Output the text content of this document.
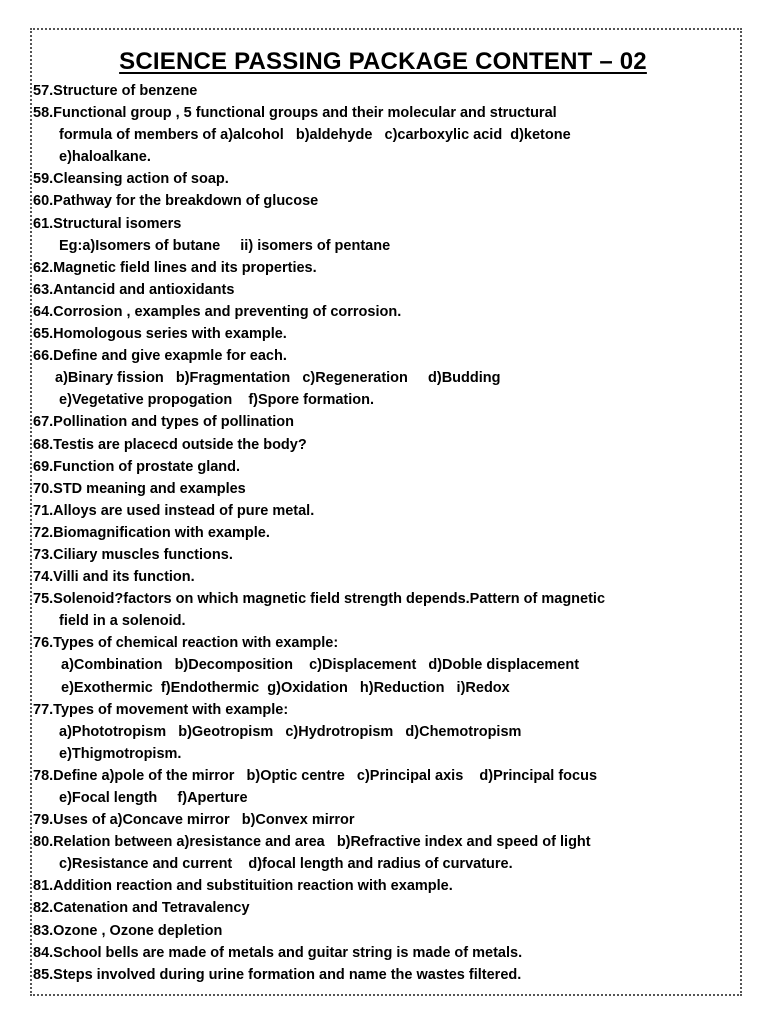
SCIENCE PASSING PACKAGE CONTENT – 02
57.Structure of benzene
58.Functional group , 5 functional groups and their molecular and structural
formula of members of a)alcohol   b)aldehyde   c)carboxylic acid  d)ketone
e)haloalkane.
59.Cleansing action of soap.
60.Pathway for the breakdown of glucose
61.Structural isomers
Eg:a)Isomers of butane     ii) isomers of pentane
62.Magnetic field lines and its properties.
63.Antancid and antioxidants
64.Corrosion , examples and preventing of corrosion.
65.Homologous series with example.
66.Define and give exapmle for each.
a)Binary fission   b)Fragmentation   c)Regeneration     d)Budding
e)Vegetative propogation    f)Spore formation.
67.Pollination and types of pollination
68.Testis are placecd outside the body?
69.Function of prostate gland.
70.STD meaning and examples
71.Alloys are used instead of pure metal.
72.Biomagnification with example.
73.Ciliary muscles functions.
74.Villi and its function.
75.Solenoid?factors on which magnetic field strength depends.Pattern of magnetic
field in a solenoid.
76.Types of chemical reaction with example:
a)Combination   b)Decomposition    c)Displacement   d)Doble displacement
e)Exothermic  f)Endothermic  g)Oxidation   h)Reduction   i)Redox
77.Types of movement with example:
a)Phototropism   b)Geotropism   c)Hydrotropism   d)Chemotropism
e)Thigmotropism.
78.Define a)pole of the mirror   b)Optic centre   c)Principal axis    d)Principal focus
e)Focal length     f)Aperture
79.Uses of a)Concave mirror   b)Convex mirror
80.Relation between a)resistance and area   b)Refractive index and speed of light
c)Resistance and current    d)focal length and radius of curvature.
81.Addition reaction and substituition reaction with example.
82.Catenation and Tetravalency
83.Ozone , Ozone depletion
84.School bells are made of metals and guitar string is made of metals.
85.Steps involved during urine formation and name the wastes filtered.
